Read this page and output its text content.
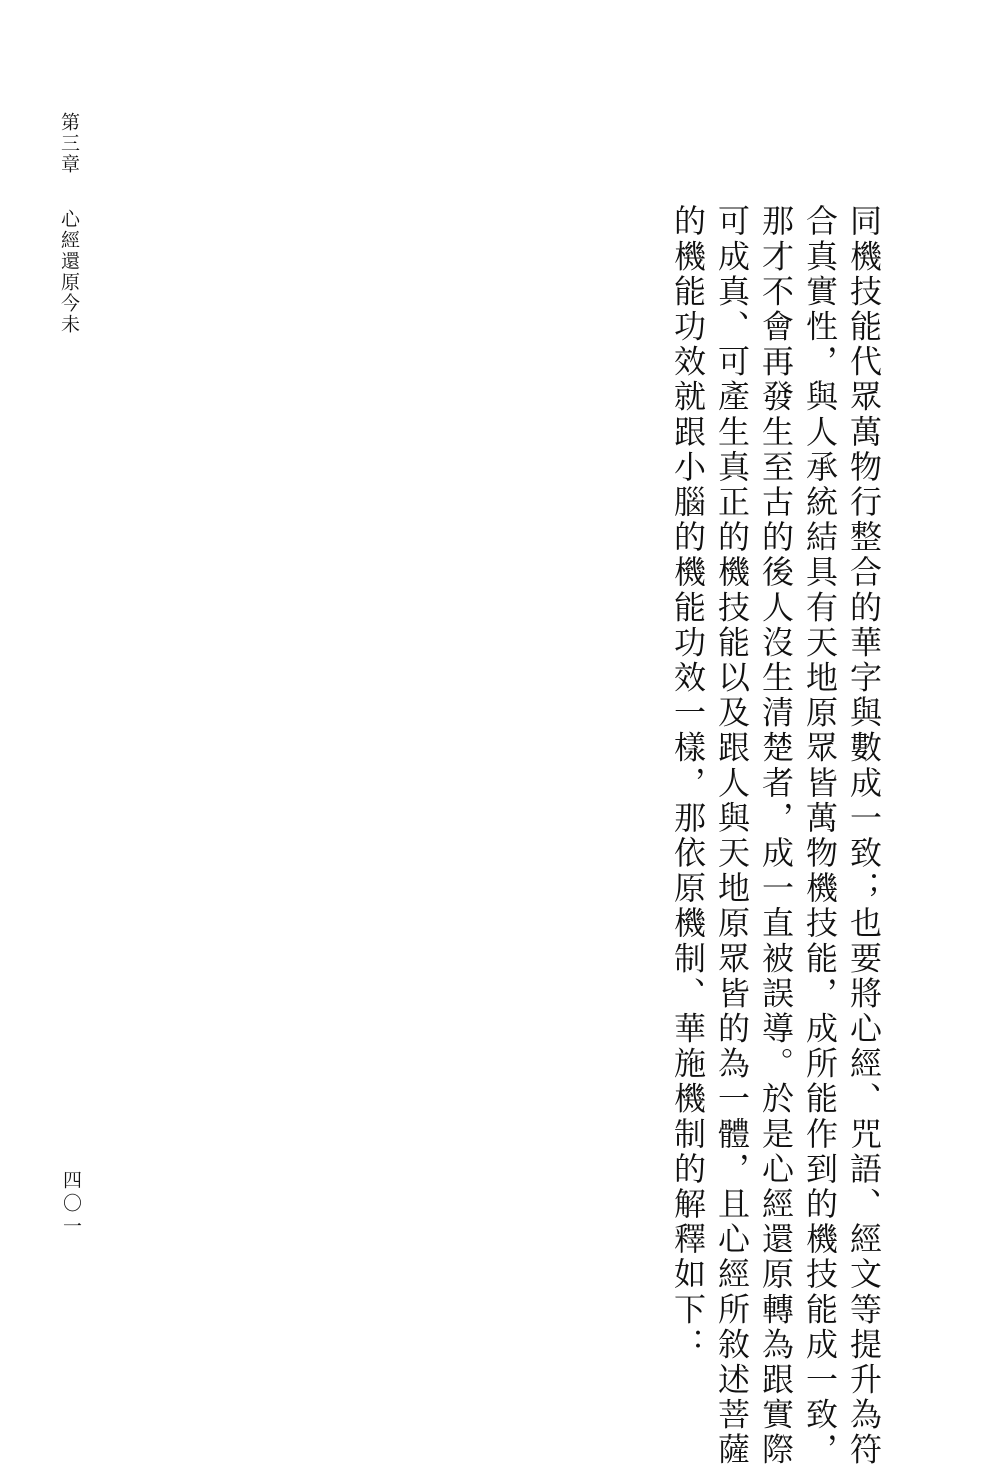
第三章心經還原今未	同機技能代眾萬物行整合的華字與數成一致；也要將心經、咒語、經文等提升為符
合真實性，與人承統結具有天地原眾皆萬物機技能，成所能作到的機技能成一致，
那才不會再發生至古的後人沒生清楚者，成一直被誤導。於是心經還原轉為跟實際
可成真、可產生真正的機技能以及跟人與天地原眾皆的為一體，且心經所敘述菩薩
的機能功效就跟小腦的機能功效一樣，那依原機制、華施機制的解釋如下：
四〇一
